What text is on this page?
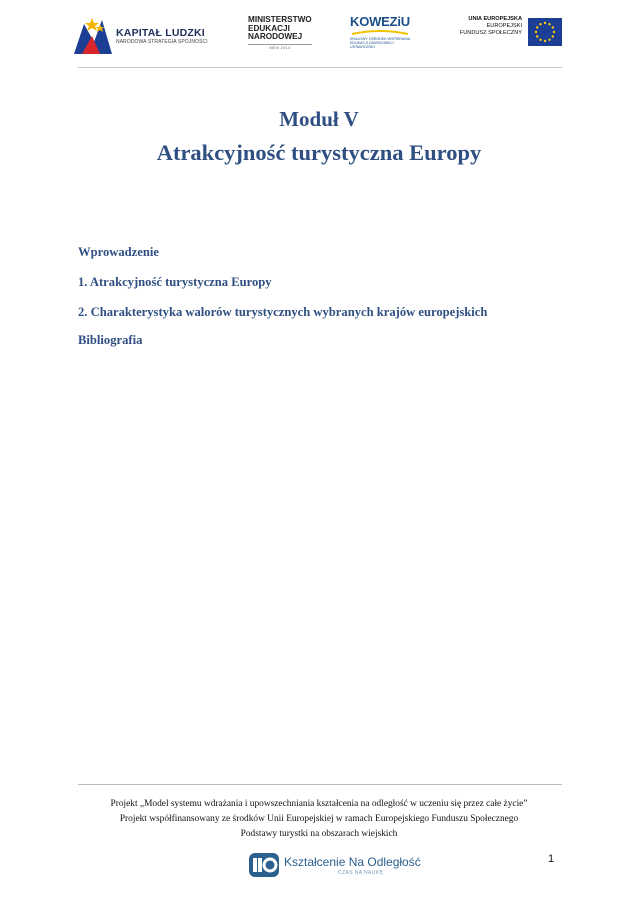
KAPITAŁ LUDZKI
NARODOWA STRATEGIA SPÓJNOŚCI
MINISTERSTWO
EDUKACJI
NARODOWEJ
MEN 2014
KOWEZiU
KRAJOWY OŚRODEK WSPIERANIA EDUKACJI ZAWODOWEJ I USTAWICZNEJ
UNIA EUROPEJSKA
EUROPEJSKI
FUNDUSZ SPOŁECZNY
Moduł V
Atrakcyjność turystyczna Europy
Wprowadzenie
1. Atrakcyjność turystyczna Europy
2. Charakterystyka walorów turystycznych wybranych krajów europejskich
Bibliografia
Projekt „Model systemu wdrażania i upowszechniania kształcenia na odległość w uczeniu się przez całe życie”
Projekt współfinansowany ze środków Unii Europejskiej w ramach Europejskiego Funduszu Społecznego
Podstawy turystki na obszarach wiejskich
Kształcenie Na Odległość
CZAS NA NAUKĘ
1
